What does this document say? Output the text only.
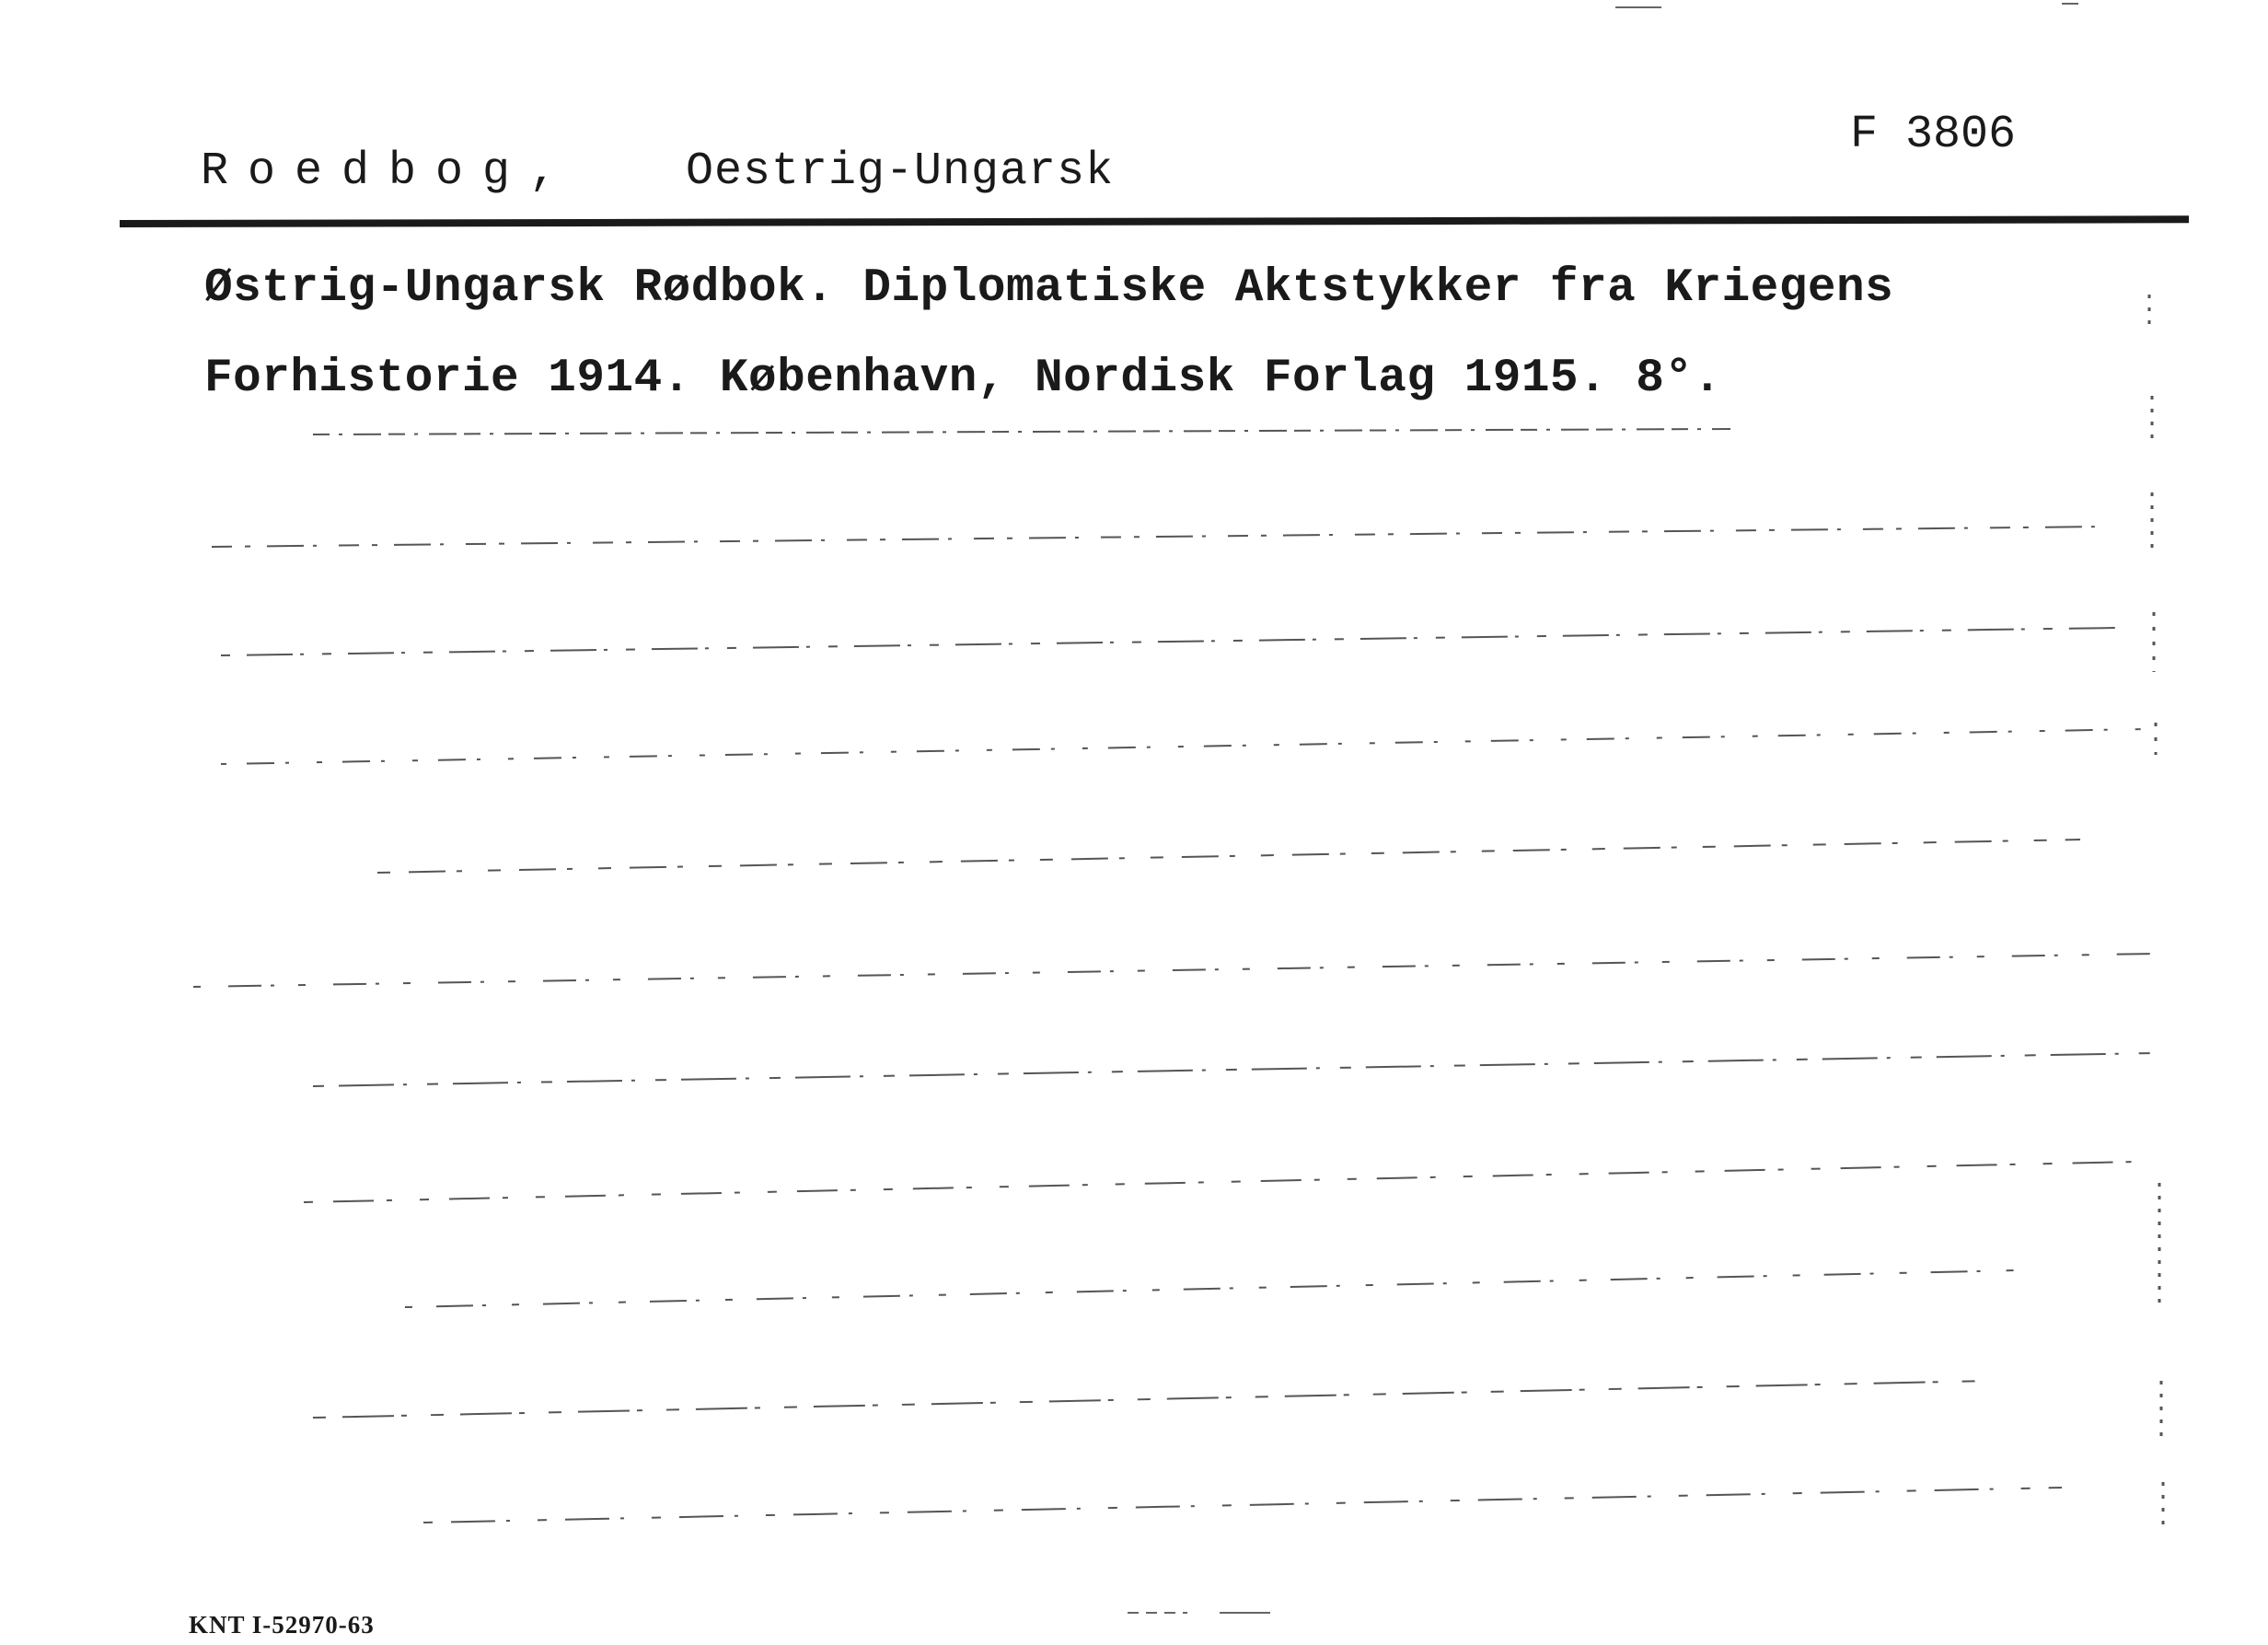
Roedbog, Oestrig-Ungarsk
F 3806
Østrig-Ungarsk Rødbok. Diplomatiske Aktstykker fra Kriegens
Forhistorie 1914. København, Nordisk Forlag 1915. 8°.
KNT I-52970-63
